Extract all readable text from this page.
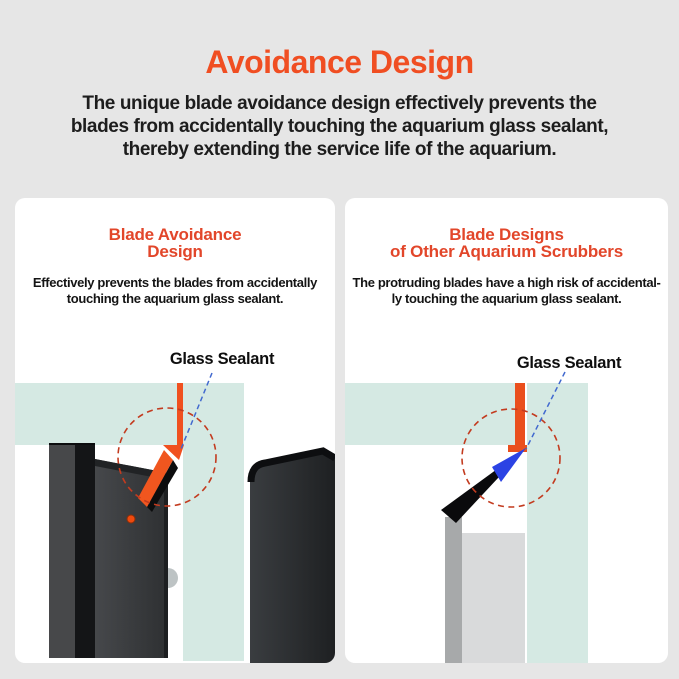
Avoidance Design
The unique blade avoidance design effectively prevents the
blades from accidentally touching the aquarium glass sealant,
thereby extending the service life of the aquarium.
Blade Avoidance
Design
Effectively prevents the blades from accidentally
touching the aquarium glass sealant.
Glass Sealant
Blade Designs
of Other Aquarium Scrubbers
The protruding blades have a high risk of accidental-
ly touching the aquarium glass sealant.
Glass Sealant
